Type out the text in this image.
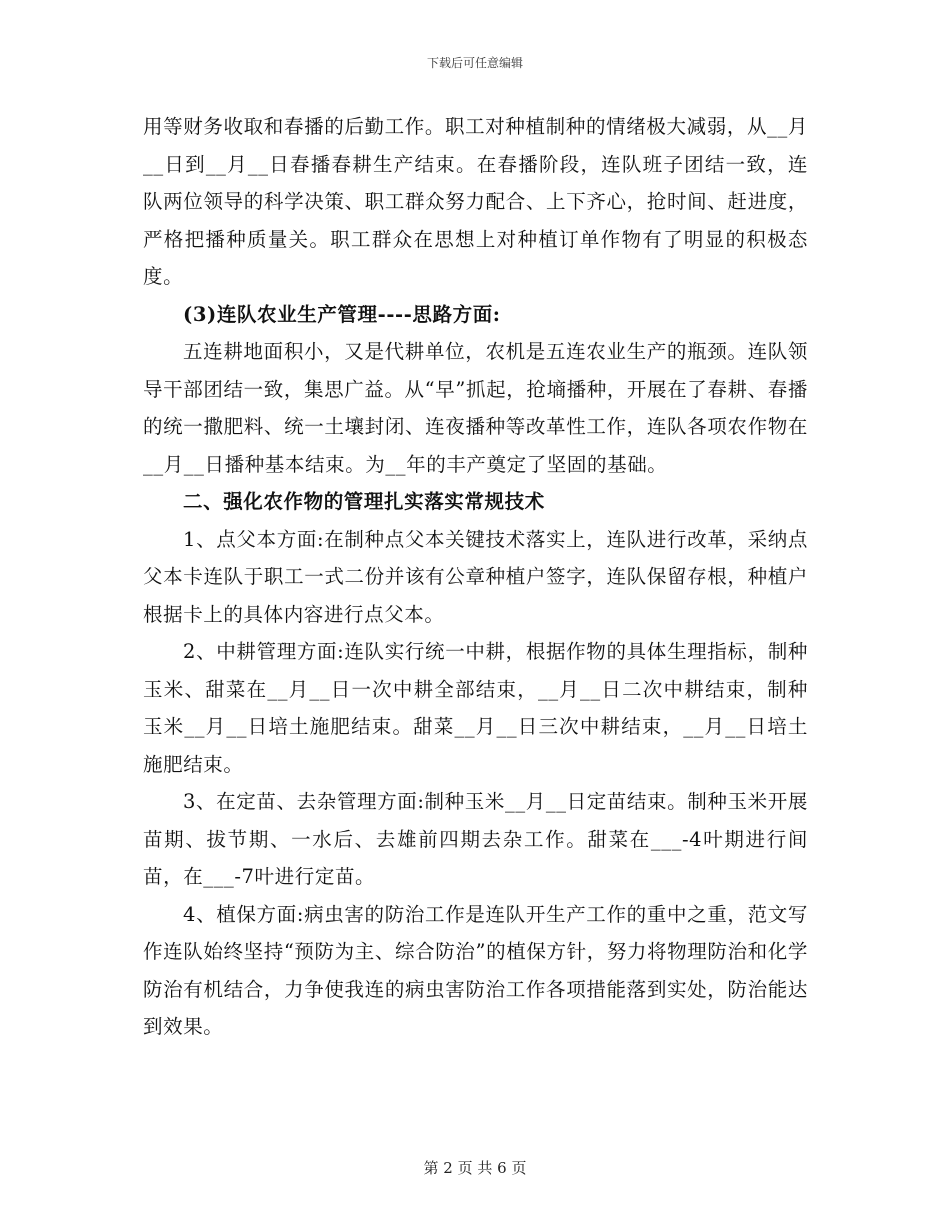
下载后可任意编辑

用等财务收取和春播的后勤工作。职工对种植制种的情绪极大减弱，从__月__日到__月__日春播春耕生产结束。在春播阶段，连队班子团结一致，连队两位领导的科学决策、职工群众努力配合、上下齐心，抢时间、赶进度，严格把播种质量关。职工群众在思想上对种植订单作物有了明显的积极态度。

(3)连队农业生产管理----思路方面:

五连耕地面积小，又是代耕单位，农机是五连农业生产的瓶颈。连队领导干部团结一致，集思广益。从“早”抓起，抢墒播种，开展在了春耕、春播的统一撒肥料、统一土壤封闭、连夜播种等改革性工作，连队各项农作物在__月__日播种基本结束。为__年的丰产奠定了坚固的基础。

二、强化农作物的管理扎实落实常规技术

1、点父本方面:在制种点父本关键技术落实上，连队进行改革，采纳点父本卡连队于职工一式二份并该有公章种植户签字，连队保留存根，种植户根据卡上的具体内容进行点父本。

2、中耕管理方面:连队实行统一中耕，根据作物的具体生理指标，制种玉米、甜菜在__月__日一次中耕全部结束，__月__日二次中耕结束，制种玉米__月__日培土施肥结束。甜菜__月__日三次中耕结束，__月__日培土施肥结束。

3、在定苗、去杂管理方面:制种玉米__月__日定苗结束。制种玉米开展苗期、拔节期、一水后、去雄前四期去杂工作。甜菜在___-4叶期进行间苗，在___-7叶进行定苗。

4、植保方面:病虫害的防治工作是连队开生产工作的重中之重，范文写作连队始终坚持“预防为主、综合防治”的植保方针，努力将物理防治和化学防治有机结合，力争使我连的病虫害防治工作各项措能落到实处，防治能达到效果。

第 2 页 共 6 页
